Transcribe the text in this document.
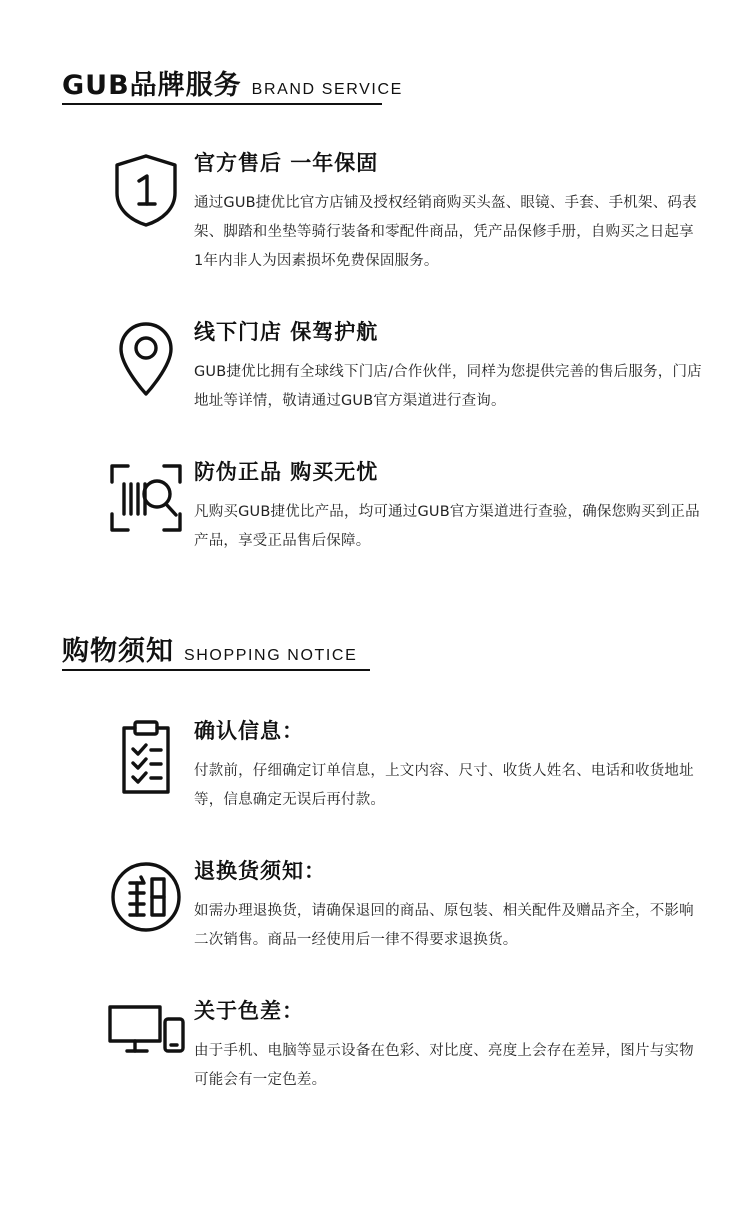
GUB品牌服务 BRAND SERVICE
官方售后 一年保固
通过GUB捷优比官方店铺及授权经销商购买头盔、眼镜、手套、手机架、码表架、脚踏和坐垫等骑行装备和零配件商品，凭产品保修手册，自购买之日起享1年内非人为因素损坏免费保固服务。
线下门店 保驾护航
GUB捷优比拥有全球线下门店/合作伙伴，同样为您提供完善的售后服务，门店地址等详情，敬请通过GUB官方渠道进行查询。
防伪正品 购买无忧
凡购买GUB捷优比产品，均可通过GUB官方渠道进行查验，确保您购买到正品产品，享受正品售后保障。
购物须知 SHOPPING NOTICE
确认信息：
付款前，仔细确定订单信息，上文内容、尺寸、收货人姓名、电话和收货地址等，信息确定无误后再付款。
退换货须知：
如需办理退换货，请确保退回的商品、原包装、相关配件及赠品齐全，不影响二次销售。商品一经使用后一律不得要求退换货。
关于色差：
由于手机、电脑等显示设备在色彩、对比度、亮度上会存在差异，图片与实物可能会有一定色差。
